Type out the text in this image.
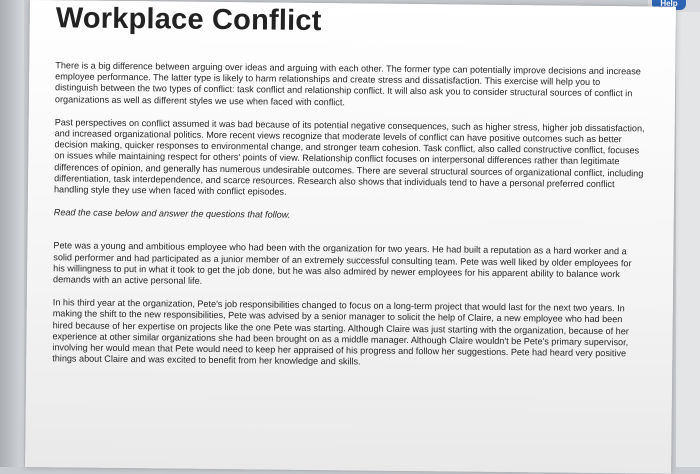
Help
Workplace Conflict

There is a big difference between arguing over ideas and arguing with each other. The former type can potentially improve decisions and increase employee performance. The latter type is likely to harm relationships and create stress and dissatisfaction. This exercise will help you to distinguish between the two types of conflict: task conflict and relationship conflict. It will also ask you to consider structural sources of conflict in organizations as well as different styles we use when faced with conflict.

Past perspectives on conflict assumed it was bad because of its potential negative consequences, such as higher stress, higher job dissatisfaction, and increased organizational politics. More recent views recognize that moderate levels of conflict can have positive outcomes such as better decision making, quicker responses to environmental change, and stronger team cohesion. Task conflict, also called constructive conflict, focuses on issues while maintaining respect for others' points of view. Relationship conflict focuses on interpersonal differences rather than legitimate differences of opinion, and generally has numerous undesirable outcomes. There are several structural sources of organizational conflict, including differentiation, task interdependence, and scarce resources. Research also shows that individuals tend to have a personal preferred conflict handling style they use when faced with conflict episodes.

Read the case below and answer the questions that follow.

Pete was a young and ambitious employee who had been with the organization for two years. He had built a reputation as a hard worker and a solid performer and had participated as a junior member of an extremely successful consulting team. Pete was well liked by older employees for his willingness to put in what it took to get the job done, but he was also admired by newer employees for his apparent ability to balance work demands with an active personal life.

In his third year at the organization, Pete's job responsibilities changed to focus on a long-term project that would last for the next two years. In making the shift to the new responsibilities, Pete was advised by a senior manager to solicit the help of Claire, a new employee who had been hired because of her expertise on projects like the one Pete was starting. Although Claire was just starting with the organization, because of her experience at other similar organizations she had been brought on as a middle manager. Although Claire wouldn't be Pete's primary supervisor, involving her would mean that Pete would need to keep her appraised of his progress and follow her suggestions. Pete had heard very positive things about Claire and was excited to benefit from her knowledge and skills.
